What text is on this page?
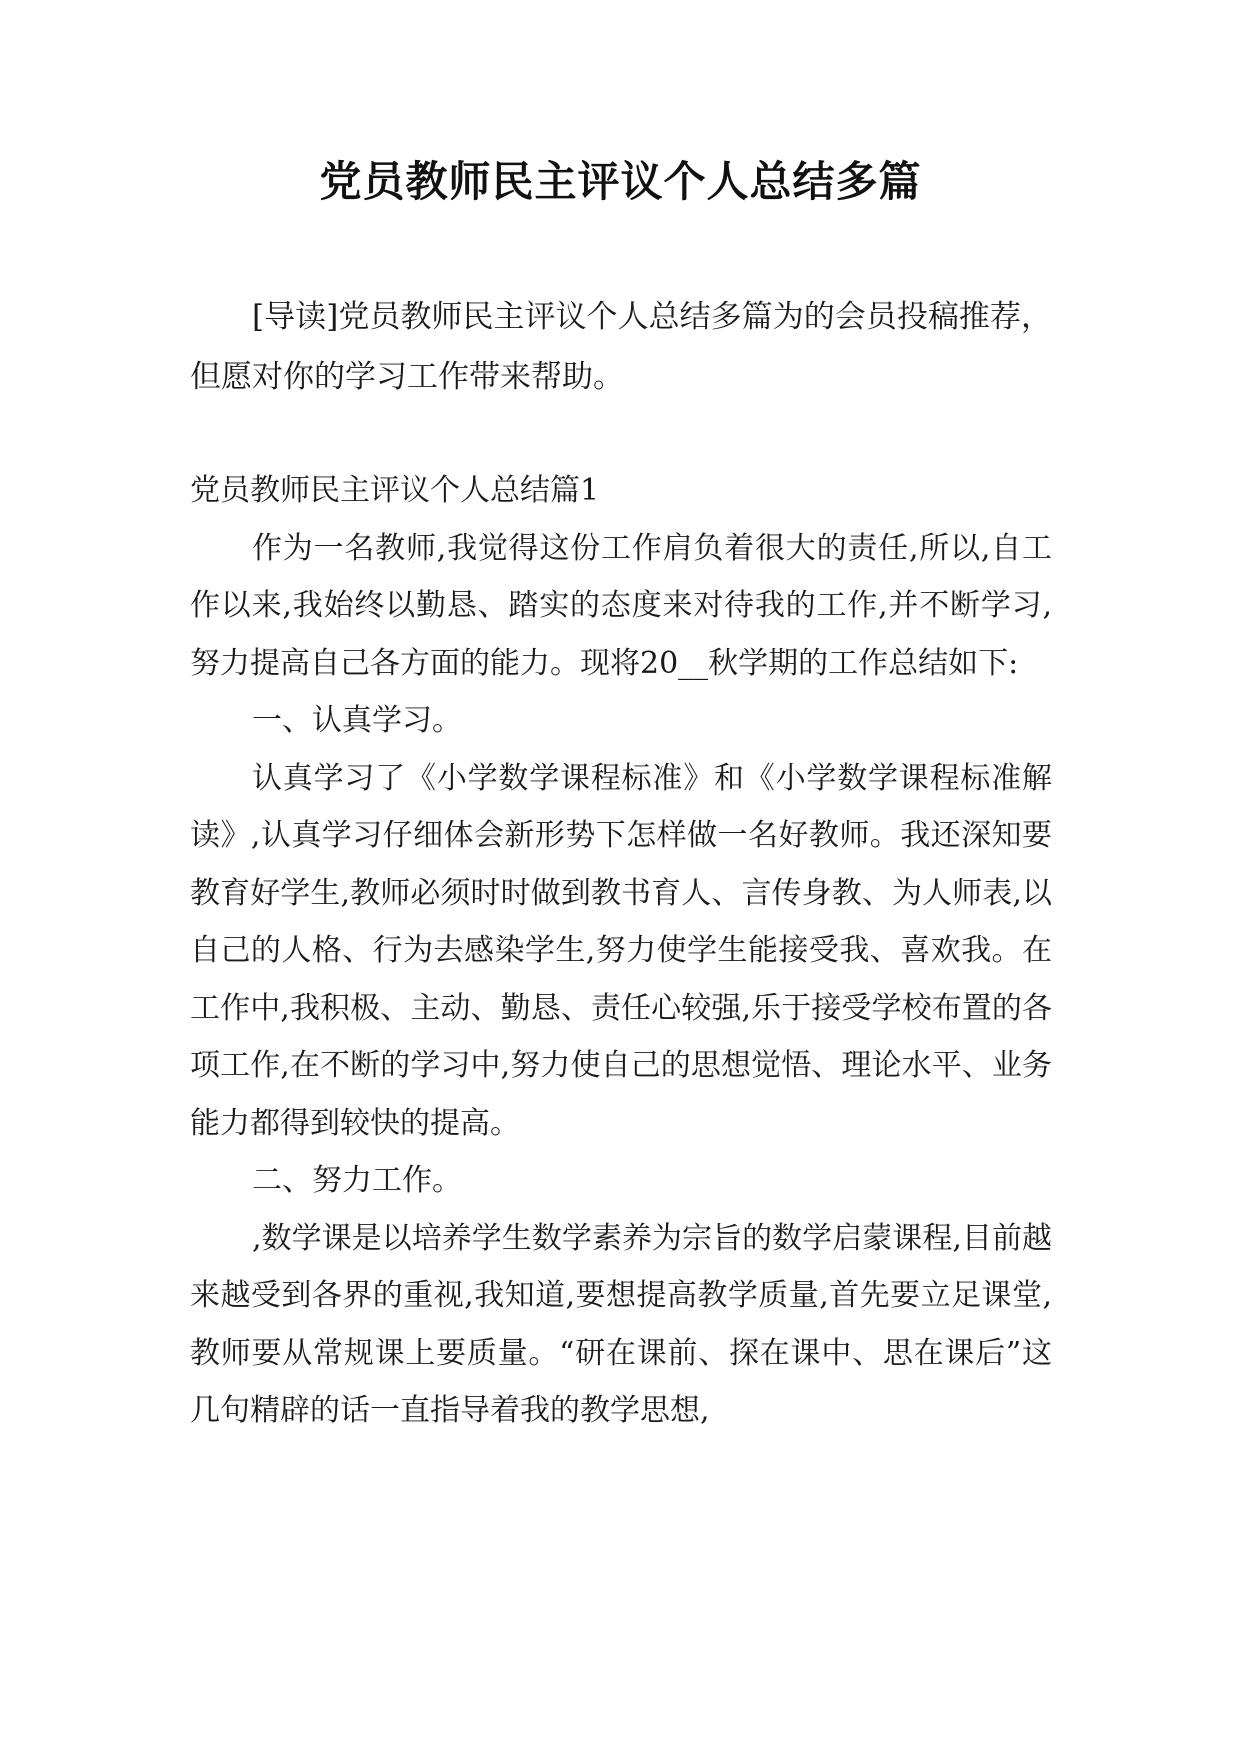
党员教师民主评议个人总结多篇

[导读]党员教师民主评议个人总结多篇为的会员投稿推荐，但愿对你的学习工作带来帮助。

党员教师民主评议个人总结篇1

作为一名教师,我觉得这份工作肩负着很大的责任,所以,自工作以来,我始终以勤恳、踏实的态度来对待我的工作,并不断学习,努力提高自己各方面的能力。现将20__秋学期的工作总结如下:

一、认真学习。

认真学习了《小学数学课程标准》和《小学数学课程标准解读》,认真学习仔细体会新形势下怎样做一名好教师。我还深知要教育好学生,教师必须时时做到教书育人、言传身教、为人师表,以自己的人格、行为去感染学生,努力使学生能接受我、喜欢我。在工作中,我积极、主动、勤恳、责任心较强,乐于接受学校布置的各项工作,在不断的学习中,努力使自己的思想觉悟、理论水平、业务能力都得到较快的提高。

二、努力工作。

,数学课是以培养学生数学素养为宗旨的数学启蒙课程,目前越来越受到各界的重视,我知道,要想提高教学质量,首先要立足课堂,教师要从常规课上要质量。“研在课前、探在课中、思在课后”这几句精辟的话一直指导着我的教学思想,
